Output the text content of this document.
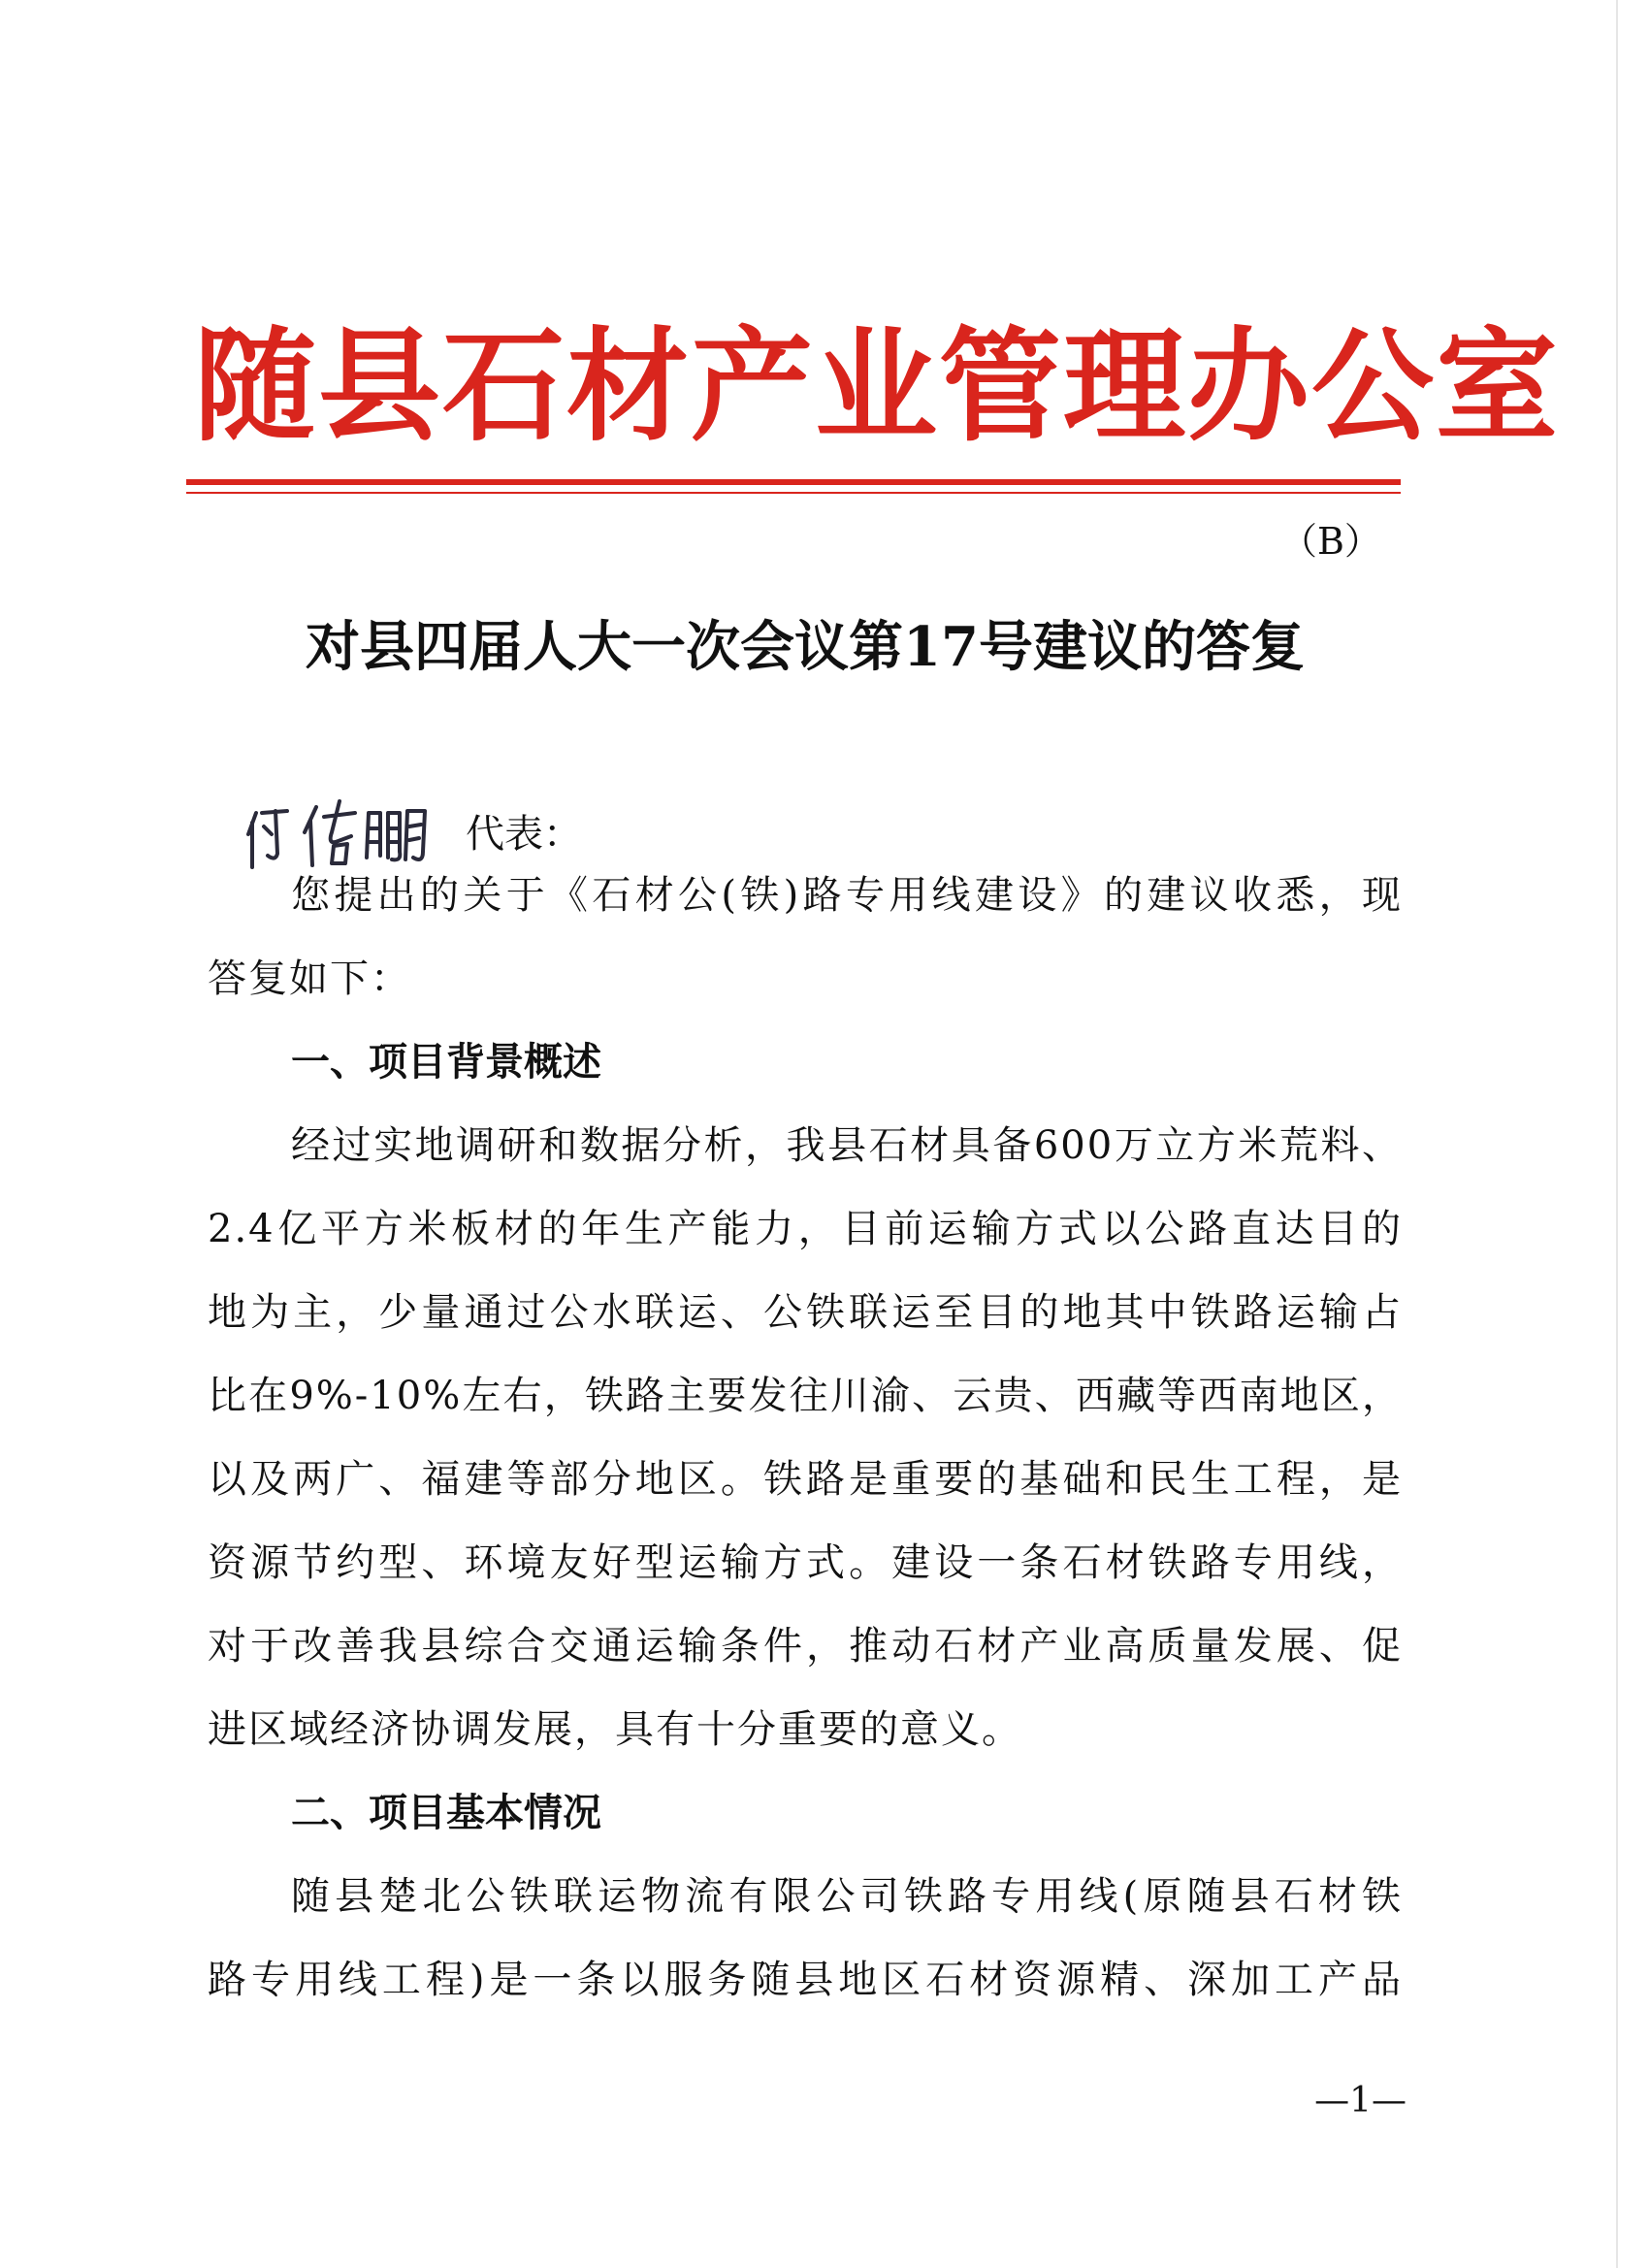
随县石材产业管理办公室
（B）
对县四届人大一次会议第17号建议的答复
代表：
您提出的关于《石材公(铁)路专用线建设》的建议收悉，现
答复如下：
一、项目背景概述
经过实地调研和数据分析，我县石材具备600万立方米荒料、
2.4亿平方米板材的年生产能力，目前运输方式以公路直达目的
地为主，少量通过公水联运、公铁联运至目的地其中铁路运输占
比在9%-10%左右，铁路主要发往川渝、云贵、西藏等西南地区，
以及两广、福建等部分地区。铁路是重要的基础和民生工程，是
资源节约型、环境友好型运输方式。建设一条石材铁路专用线，
对于改善我县综合交通运输条件，推动石材产业高质量发展、促
进区域经济协调发展，具有十分重要的意义。
二、项目基本情况
随县楚北公铁联运物流有限公司铁路专用线(原随县石材铁
路专用线工程)是一条以服务随县地区石材资源精、深加工产品
—1—
